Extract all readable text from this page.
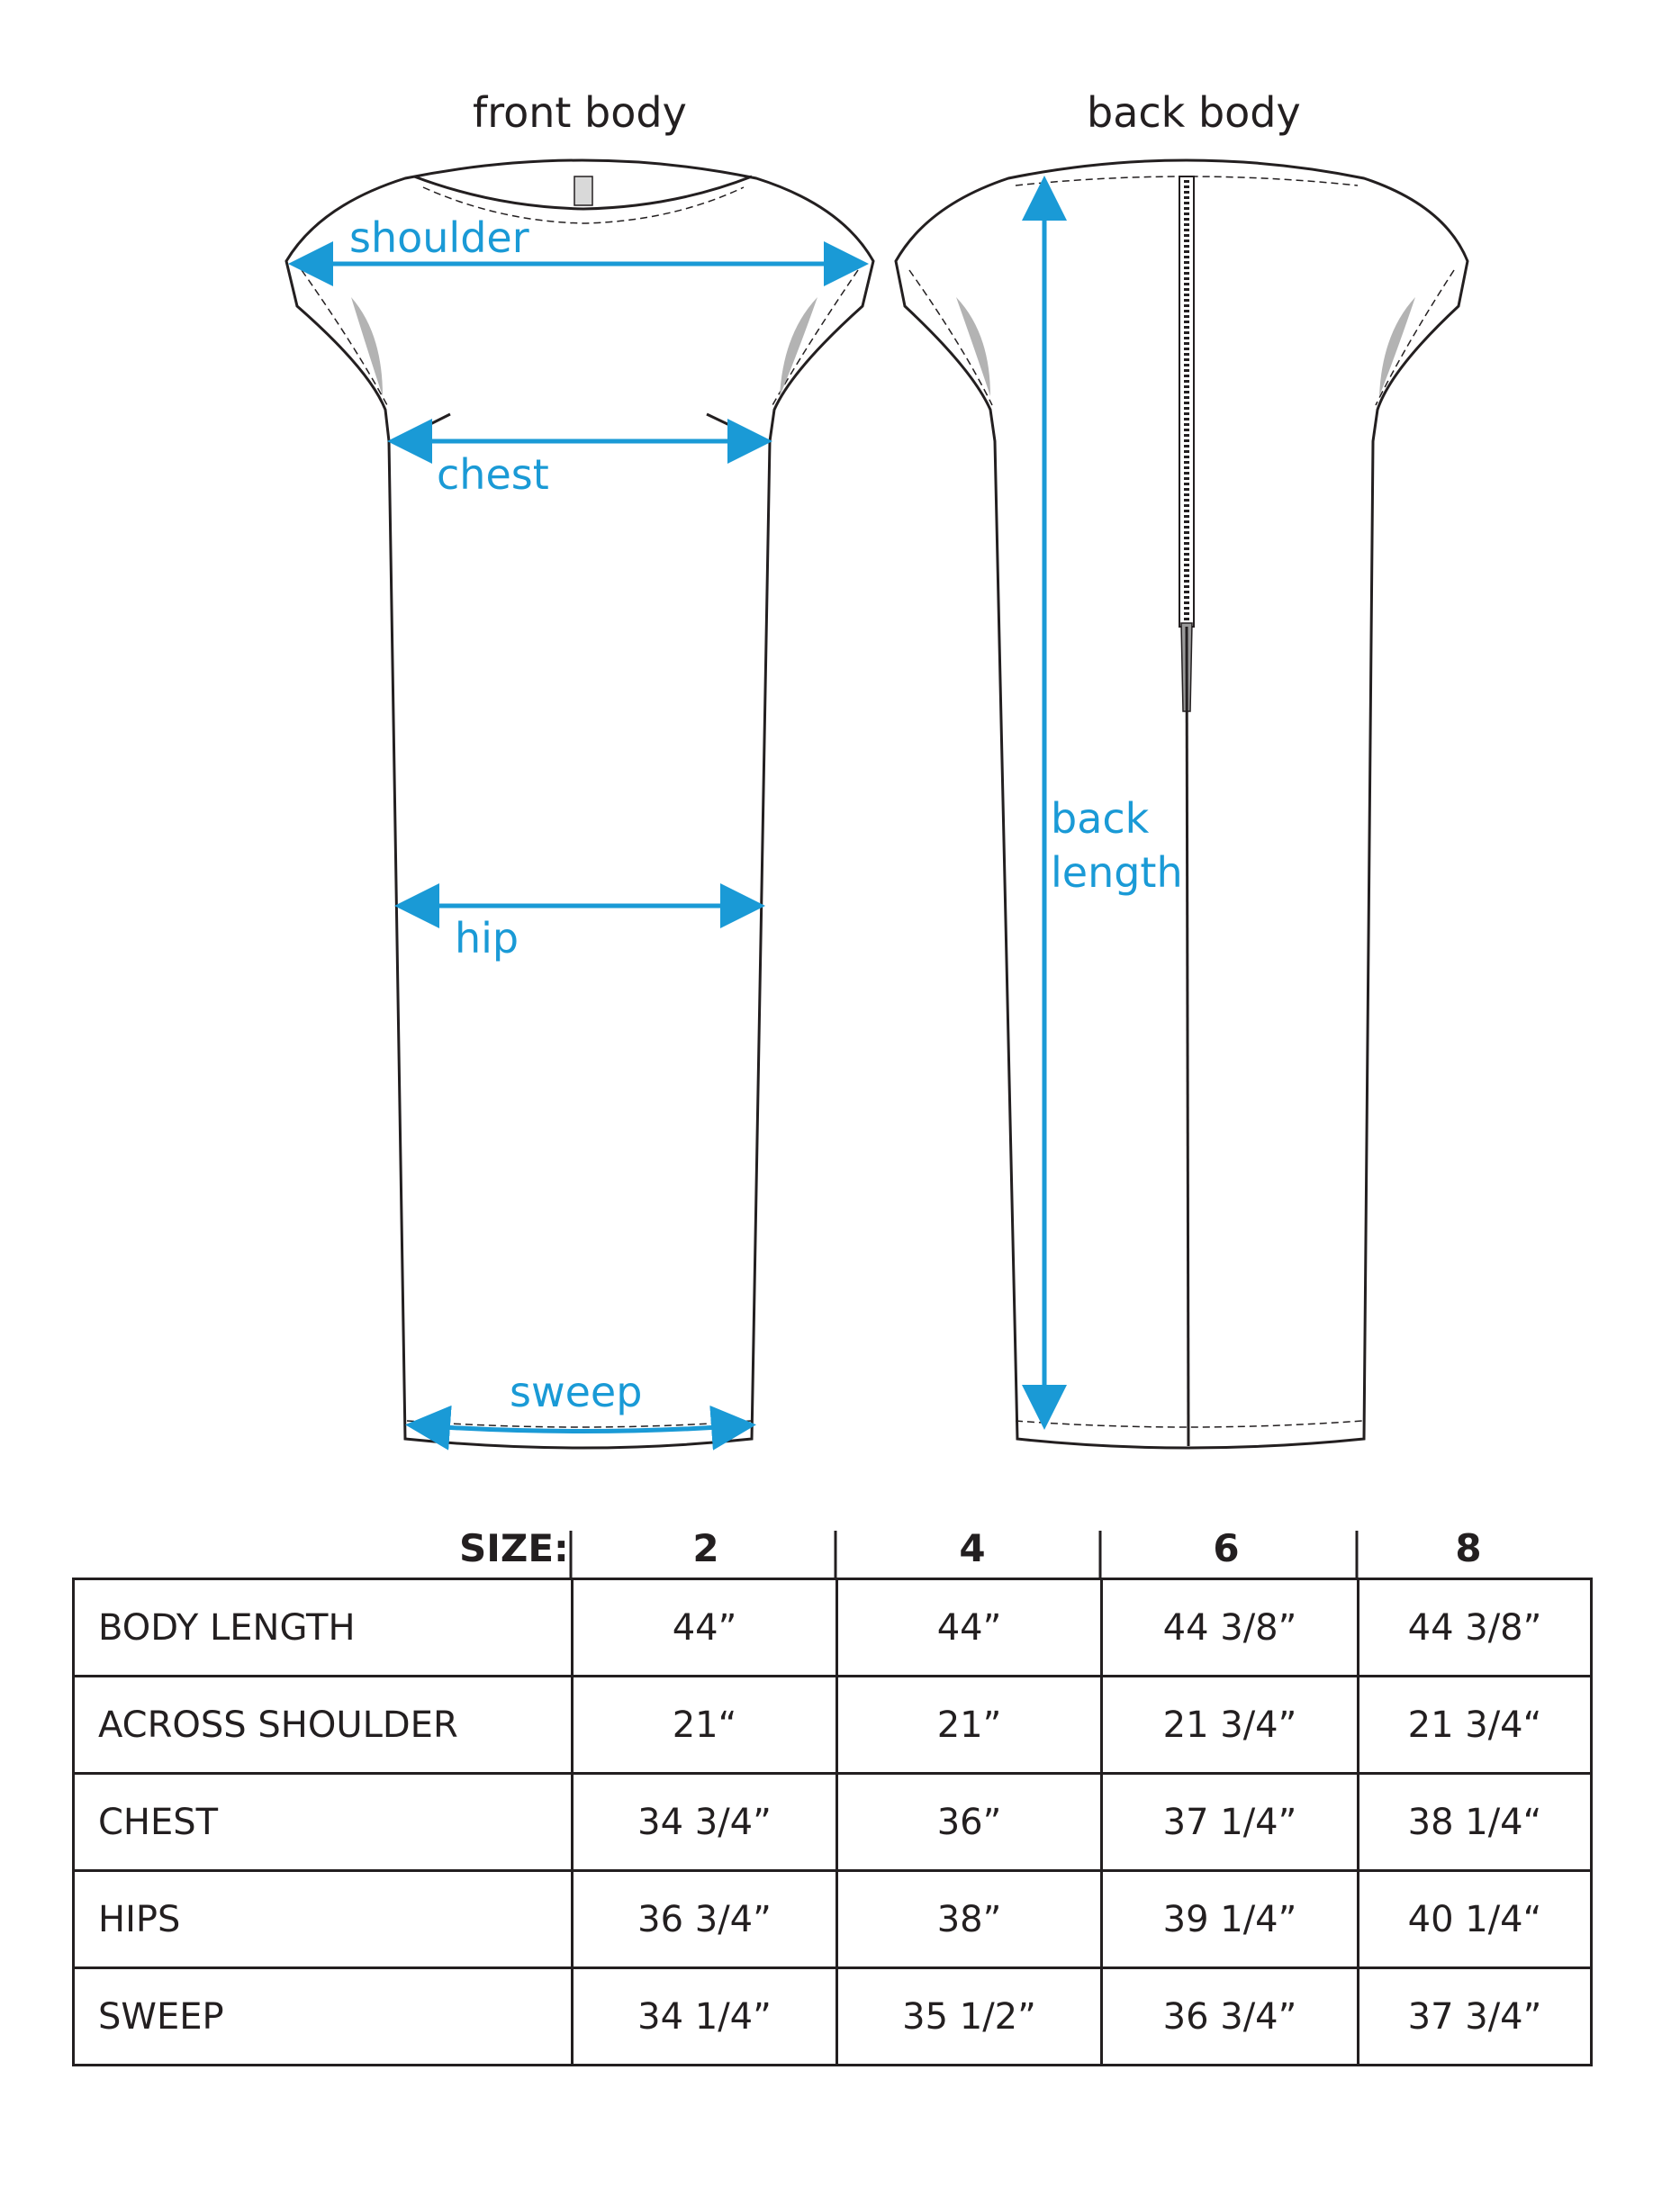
front body	back body
shoulder
chest
hip
sweep
back
length
SIZE:	2	4	6	8
BODY LENGTH	44”	44”	44 3/8”	44 3/8”
ACROSS SHOULDER	21“	21”	21 3/4”	21 3/4“
CHEST	34 3/4”	36”	37 1/4”	38 1/4“
HIPS	36 3/4”	38”	39 1/4”	40 1/4“
SWEEP	34 1/4”	35 1/2”	36 3/4”	37 3/4”
